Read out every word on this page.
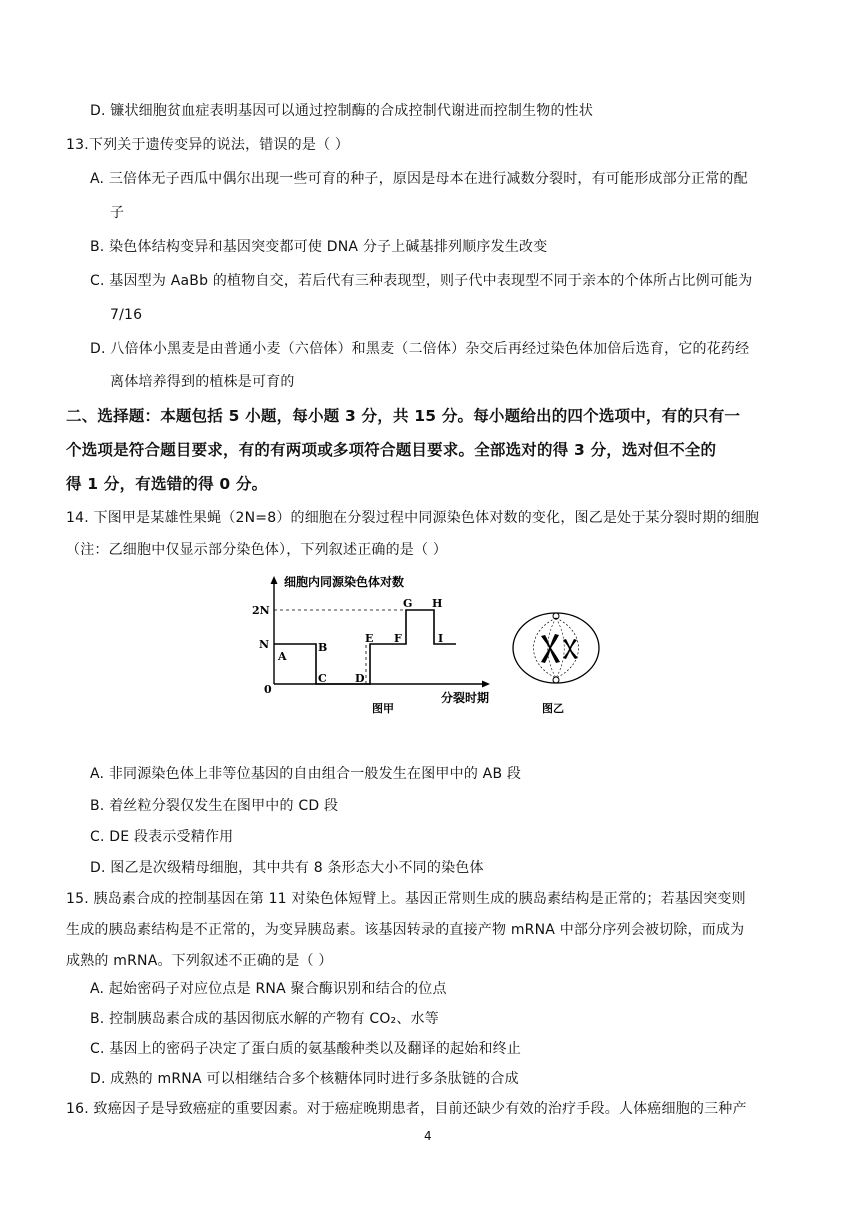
D. 镰状细胞贫血症表明基因可以通过控制酶的合成控制代谢进而控制生物的性状
13.下列关于遗传变异的说法，错误的是（ ）
A. 三倍体无子西瓜中偶尔出现一些可育的种子，原因是母本在进行减数分裂时，有可能形成部分正常的配
子
B. 染色体结构变异和基因突变都可使 DNA 分子上碱基排列顺序发生改变
C. 基因型为 AaBb 的植物自交，若后代有三种表现型，则子代中表现型不同于亲本的个体所占比例可能为
7/16
D. 八倍体小黑麦是由普通小麦（六倍体）和黑麦（二倍体）杂交后再经过染色体加倍后选育，它的花药经
离体培养得到的植株是可育的
二、选择题：本题包括 5 小题，每小题 3 分，共 15 分。每小题给出的四个选项中，有的只有一
个选项是符合题目要求，有的有两项或多项符合题目要求。全部选对的得 3 分，选对但不全的
得 1 分，有选错的得 0 分。
14. 下图甲是某雄性果蝇（2N=8）的细胞在分裂过程中同源染色体对数的变化，图乙是处于某分裂时期的细胞
（注：乙细胞中仅显示部分染色体），下列叙述正确的是（ ）
细胞内同源染色体对数
2N
N
0
分裂时期
图甲
A
B
C	D
E F
G H
I
图乙
A. 非同源染色体上非等位基因的自由组合一般发生在图甲中的 AB 段
B. 着丝粒分裂仅发生在图甲中的 CD 段
C. DE 段表示受精作用
D. 图乙是次级精母细胞，其中共有 8 条形态大小不同的染色体
15. 胰岛素合成的控制基因在第 11 对染色体短臂上。基因正常则生成的胰岛素结构是正常的；若基因突变则
生成的胰岛素结构是不正常的，为变异胰岛素。该基因转录的直接产物 mRNA 中部分序列会被切除，而成为
成熟的 mRNA。下列叙述不正确的是（ ）
A. 起始密码子对应位点是 RNA 聚合酶识别和结合的位点
B. 控制胰岛素合成的基因彻底水解的产物有 CO₂、水等
C. 基因上的密码子决定了蛋白质的氨基酸种类以及翻译的起始和终止
D. 成熟的 mRNA 可以相继结合多个核糖体同时进行多条肽链的合成
16. 致癌因子是导致癌症的重要因素。对于癌症晚期患者，目前还缺少有效的治疗手段。人体癌细胞的三种产
4
